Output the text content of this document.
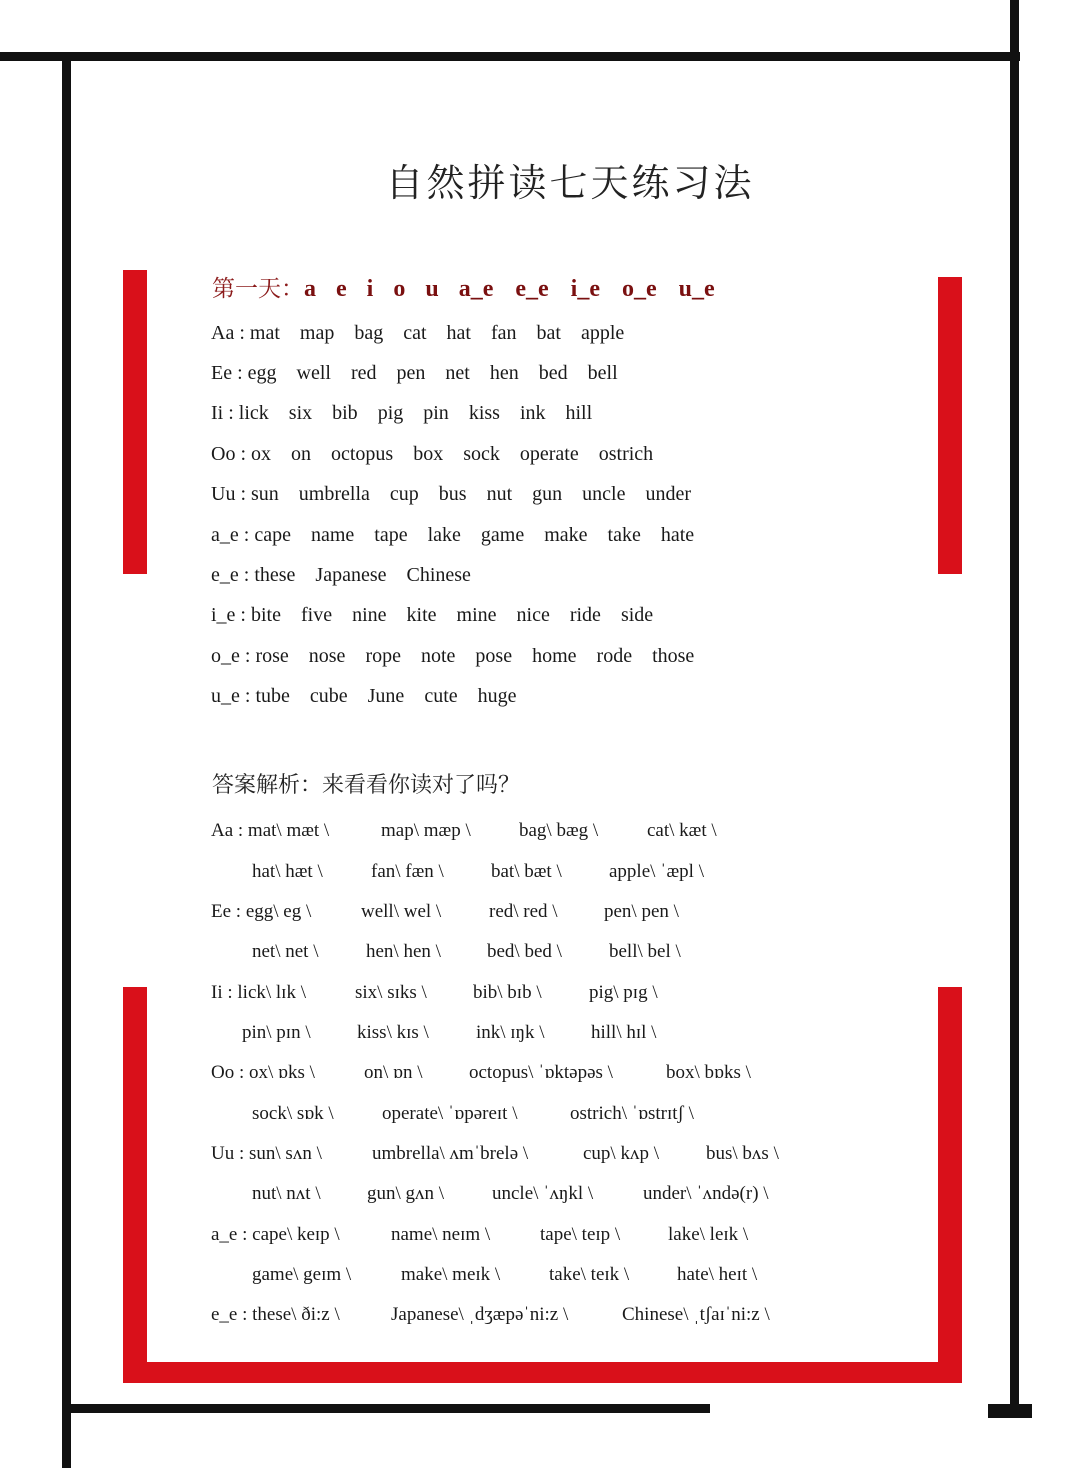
自然拼读七天练习法
第一天：a e i o u a_e e_e i_e o_e u_e
Aa : mat map bag cat hat fan bat apple
Ee : egg well red pen net hen bed bell
Ii : lick six bib pig pin kiss ink hill
Oo : ox on octopus box sock operate ostrich
Uu : sun umbrella cup bus nut gun uncle under
a_e : cape name tape lake game make take hate
e_e : these Japanese Chinese
i_e : bite five nine kite mine nice ride side
o_e : rose nose rope note pose home rode those
u_e : tube cube June cute huge
答案解析：来看看你读对了吗？
Aa : mat\ mæt \	map\ mæp \	bag\ bæg \	cat\ kæt \
hat\ hæt \	fan\ fæn \ bat\ bæt \ apple\ ˈæpl \
Ee : egg\ eg \	well\ wel \	red\ red \ pen\ pen \
net\ net \	hen\ hen \ bed\ bed \ bell\ bel \
Ii : lick\ lɪk \	six\ sɪks \ bib\ bɪb \ pig\ pɪg \
pin\ pɪn \ kiss\ kɪs \ ink\ ɪŋk \ hill\ hɪl \
Oo : ox\ ɒks \	on\ ɒn \ octopus\ ˈɒktəpəs \	box\ bɒks \
sock\ sɒk \	operate\ ˈɒpəreɪt \	ostrich\ ˈɒstrɪtʃ \
Uu : sun\ sʌn \	umbrella\ ʌmˈbrelə \	cup\ kʌp \ bus\ bʌs \
nut\ nʌt \ gun\ gʌn \	uncle\ ˈʌŋkl \	under\ ˈʌndə(r) \
a_e : cape\ keɪp \	name\ neɪm \	tape\ teɪp \	lake\ leɪk \
game\ geɪm \	make\ meɪk \	take\ teɪk \	hate\ heɪt \
e_e : these\ ði:z \	Japanese\ ˌdʒæpəˈni:z \	Chinese\ ˌtʃaɪˈni:z \
